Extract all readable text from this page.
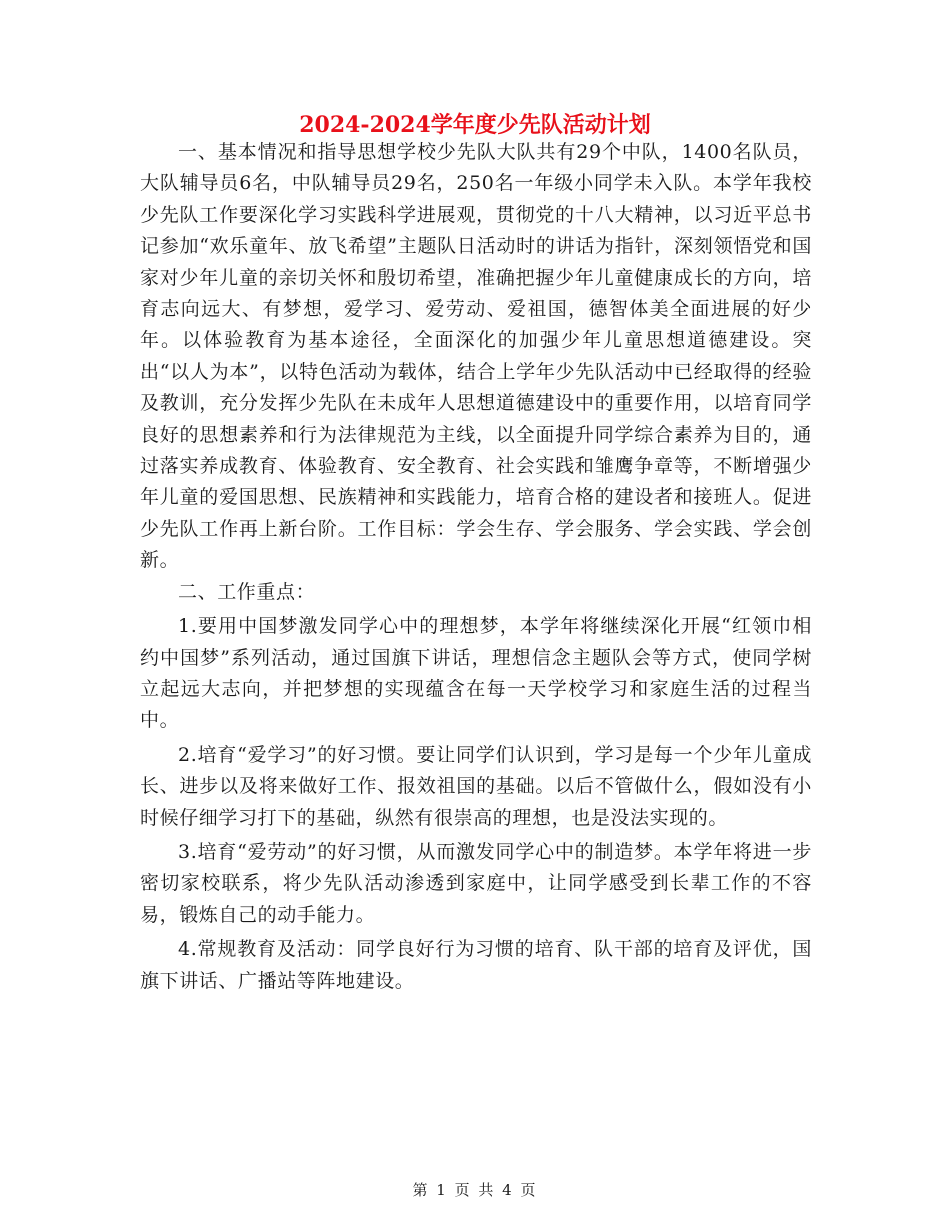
2024-2024学年度少先队活动计划

一、基本情况和指导思想学校少先队大队共有29个中队，1400名队员，大队辅导员6名，中队辅导员29名，250名一年级小同学未入队。本学年我校少先队工作要深化学习实践科学进展观，贯彻党的十八大精神，以习近平总书记参加“欢乐童年、放飞希望”主题队日活动时的讲话为指针，深刻领悟党和国家对少年儿童的亲切关怀和殷切希望，准确把握少年儿童健康成长的方向，培育志向远大、有梦想，爱学习、爱劳动、爱祖国，德智体美全面进展的好少年。以体验教育为基本途径，全面深化的加强少年儿童思想道德建设。突出“以人为本”，以特色活动为载体，结合上学年少先队活动中已经取得的经验及教训，充分发挥少先队在未成年人思想道德建设中的重要作用，以培育同学良好的思想素养和行为法律规范为主线，以全面提升同学综合素养为目的，通过落实养成教育、体验教育、安全教育、社会实践和雏鹰争章等，不断增强少年儿童的爱国思想、民族精神和实践能力，培育合格的建设者和接班人。促进少先队工作再上新台阶。工作目标：学会生存、学会服务、学会实践、学会创新。

二、工作重点：

1.要用中国梦激发同学心中的理想梦，本学年将继续深化开展“红领巾相约中国梦”系列活动，通过国旗下讲话，理想信念主题队会等方式，使同学树立起远大志向，并把梦想的实现蕴含在每一天学校学习和家庭生活的过程当中。

2.培育“爱学习”的好习惯。要让同学们认识到，学习是每一个少年儿童成长、进步以及将来做好工作、报效祖国的基础。以后不管做什么，假如没有小时候仔细学习打下的基础，纵然有很崇高的理想，也是没法实现的。

3.培育“爱劳动”的好习惯，从而激发同学心中的制造梦。本学年将进一步密切家校联系，将少先队活动渗透到家庭中，让同学感受到长辈工作的不容易，锻炼自己的动手能力。

4.常规教育及活动：同学良好行为习惯的培育、队干部的培育及评优，国旗下讲话、广播站等阵地建设。

第 1 页 共 4 页
